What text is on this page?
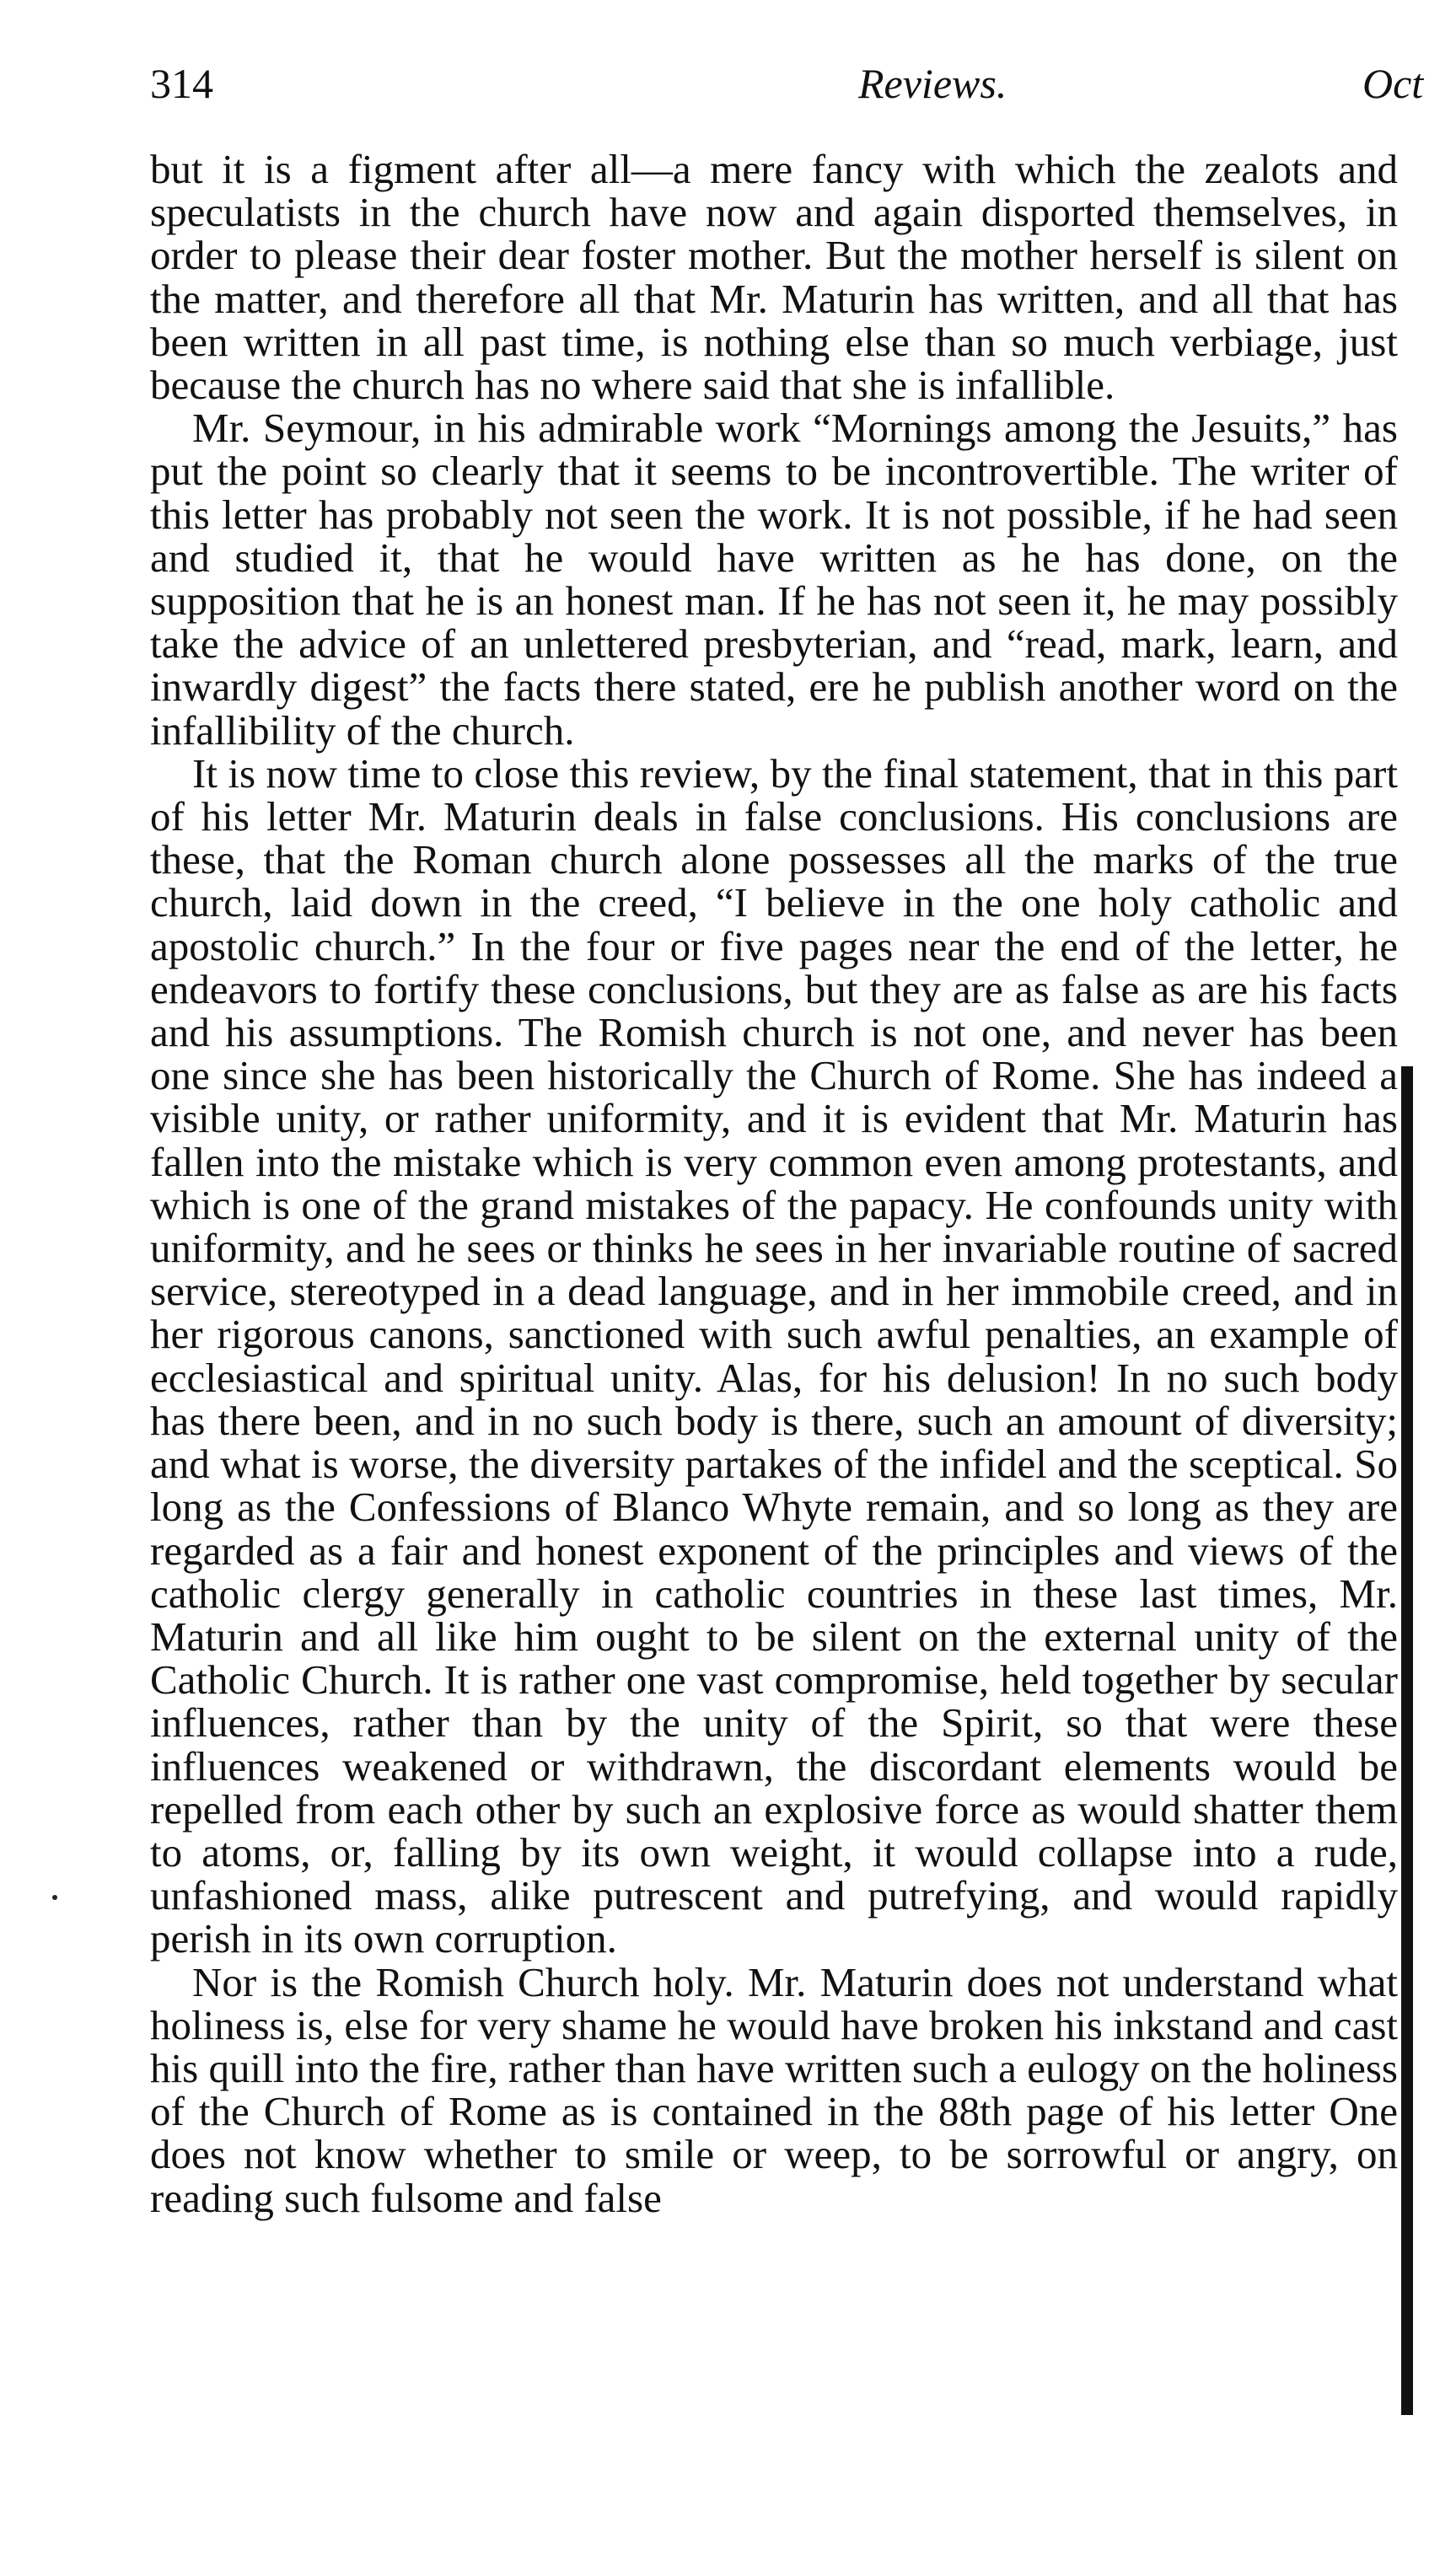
314	Reviews.	Oct

but it is a figment after all—a mere fancy with which the zealots and speculatists in the church have now and again disported themselves, in order to please their dear foster mother. But the mother herself is silent on the matter, and therefore all that Mr. Maturin has written, and all that has been written in all past time, is nothing else than so much verbiage, just because the church has no where said that she is infallible.

Mr. Seymour, in his admirable work “Mornings among the Jesuits,” has put the point so clearly that it seems to be incontrovertible. The writer of this letter has probably not seen the work. It is not possible, if he had seen and studied it, that he would have written as he has done, on the supposition that he is an honest man. If he has not seen it, he may possibly take the advice of an unlettered presbyterian, and “read, mark, learn, and inwardly digest” the facts there stated, ere he publish another word on the infallibility of the church.

It is now time to close this review, by the final statement, that in this part of his letter Mr. Maturin deals in false conclusions. His conclusions are these, that the Roman church alone possesses all the marks of the true church, laid down in the creed, “I believe in the one holy catholic and apostolic church.” In the four or five pages near the end of the letter, he endeavors to fortify these conclusions, but they are as false as are his facts and his assumptions. The Romish church is not one, and never has been one since she has been historically the Church of Rome. She has indeed a visible unity, or rather uniformity, and it is evident that Mr. Maturin has fallen into the mistake which is very common even among protestants, and which is one of the grand mistakes of the papacy. He confounds unity with uniformity, and he sees or thinks he sees in her invariable routine of sacred service, stereotyped in a dead language, and in her immobile creed, and in her rigorous canons, sanctioned with such awful penalties, an example of ecclesiastical and spiritual unity. Alas, for his delusion! In no such body has there been, and in no such body is there, such an amount of diversity; and what is worse, the diversity partakes of the infidel and the sceptical. So long as the Confessions of Blanco Whyte remain, and so long as they are regarded as a fair and honest exponent of the principles and views of the catholic clergy generally in catholic countries in these last times, Mr. Maturin and all like him ought to be silent on the external unity of the Catholic Church. It is rather one vast compromise, held together by secular influences, rather than by the unity of the Spirit, so that were these influences weakened or withdrawn, the discordant elements would be repelled from each other by such an explosive force as would shatter them to atoms, or, falling by its own weight, it would collapse into a rude, unfashioned mass, alike putrescent and putrefying, and would rapidly perish in its own corruption.

Nor is the Romish Church holy. Mr. Maturin does not understand what holiness is, else for very shame he would have broken his inkstand and cast his quill into the fire, rather than have written such a eulogy on the holiness of the Church of Rome as is contained in the 88th page of his letter One does not know whether to smile or weep, to be sorrowful or angry, on reading such fulsome and false
